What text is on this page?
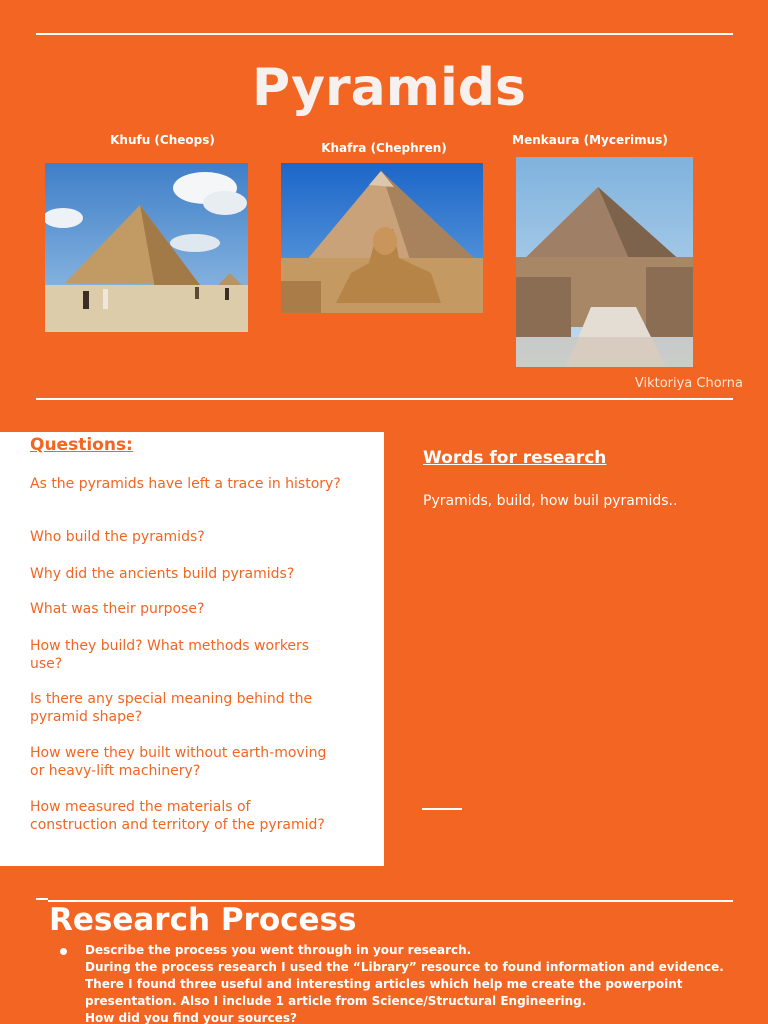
Pyramids
Khufu (Cheops)
Khafra (Chephren)
Menkaura (Mycerimus)
Viktoriya Chorna
Questions:
As the pyramids have left a trace in history?
Who build the pyramids?
Why did the ancients build pyramids?
What was their purpose?
How they build? What methods workers use?
Is there any special meaning behind the pyramid shape?
How were they built without earth-moving or heavy-lift machinery?
How measured the materials of construction and territory of the pyramid?
Words for research
Pyramids, build, how buil pyramids..
Research Process
Describe the process you went through in your research.
During the process research I used the “Library” resource to found information and evidence. There I found three useful and interesting articles which help me create the powerpoint presentation. Also I include 1 article from Science/Structural Engineering.
How did you find your sources?
